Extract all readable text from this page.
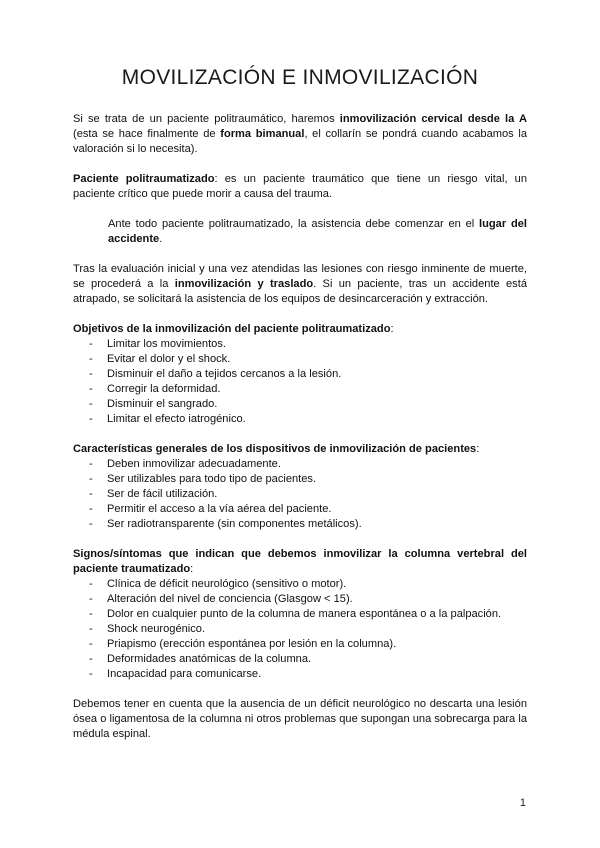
MOVILIZACIÓN E INMOVILIZACIÓN

Si se trata de un paciente politraumático, haremos inmovilización cervical desde la A (esta se hace finalmente de forma bimanual, el collarín se pondrá cuando acabamos la valoración si lo necesita).

Paciente politraumatizado: es un paciente traumático que tiene un riesgo vital, un paciente crítico que puede morir a causa del trauma.

Ante todo paciente politraumatizado, la asistencia debe comenzar en el lugar del accidente.

Tras la evaluación inicial y una vez atendidas las lesiones con riesgo inminente de muerte, se procederá a la inmovilización y traslado. Si un paciente, tras un accidente está atrapado, se solicitará la asistencia de los equipos de desincarceración y extracción.

Objetivos de la inmovilización del paciente politraumatizado:

- Limitar los movimientos.
- Evitar el dolor y el shock.
- Disminuir el daño a tejidos cercanos a la lesión.
- Corregir la deformidad.
- Disminuir el sangrado.
- Limitar el efecto iatrogénico.

Características generales de los dispositivos de inmovilización de pacientes:

- Deben inmovilizar adecuadamente.
- Ser utilizables para todo tipo de pacientes.
- Ser de fácil utilización.
- Permitir el acceso a la vía aérea del paciente.
- Ser radiotransparente (sin componentes metálicos).

Signos/síntomas que indican que debemos inmovilizar la columna vertebral del paciente traumatizado:

- Clínica de déficit neurológico (sensitivo o motor).
- Alteración del nivel de conciencia (Glasgow < 15).
- Dolor en cualquier punto de la columna de manera espontánea o a la palpación.
- Shock neurogénico.
- Priapismo (erección espontánea por lesión en la columna).
- Deformidades anatómicas de la columna.
- Incapacidad para comunicarse.

Debemos tener en cuenta que la ausencia de un déficit neurológico no descarta una lesión ósea o ligamentosa de la columna ni otros problemas que supongan una sobrecarga para la médula espinal.

1
